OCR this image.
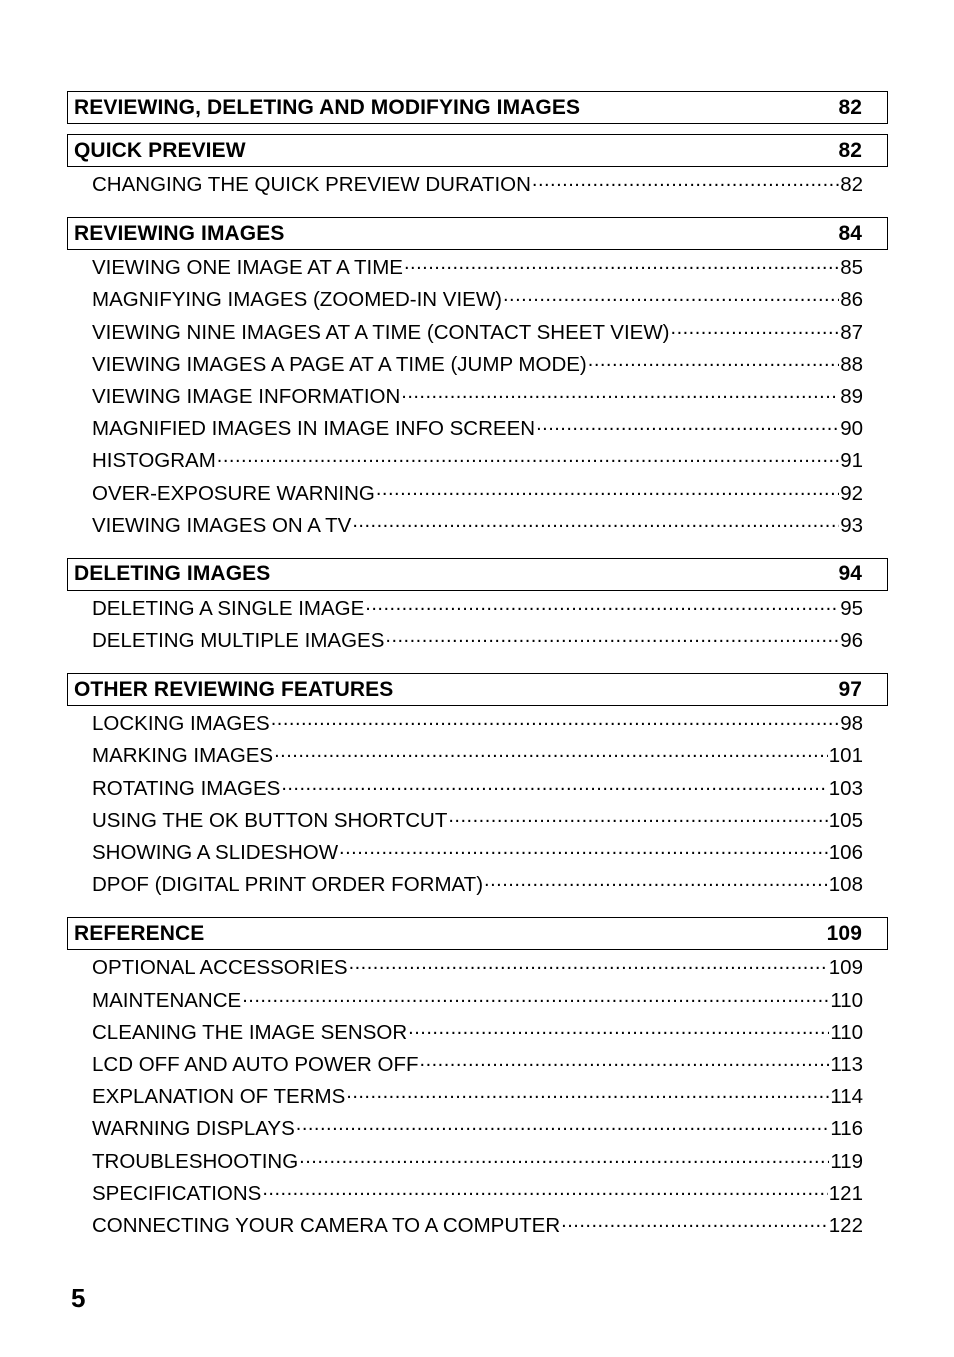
REVIEWING, DELETING AND MODIFYING IMAGES	82
QUICK PREVIEW	82
CHANGING THE QUICK PREVIEW DURATION .....	82
REVIEWING IMAGES	84
VIEWING ONE IMAGE AT A TIME .....	85
MAGNIFYING IMAGES (ZOOMED-IN VIEW) .....	86
VIEWING NINE IMAGES AT A TIME (CONTACT SHEET VIEW) .....	87
VIEWING IMAGES A PAGE AT A TIME (JUMP MODE) .....	88
VIEWING IMAGE INFORMATION .....	89
MAGNIFIED IMAGES IN IMAGE INFO SCREEN .....	90
HISTOGRAM .....	91
OVER-EXPOSURE WARNING .....	92
VIEWING IMAGES ON A TV .....	93
DELETING IMAGES	94
DELETING A SINGLE IMAGE .....	95
DELETING MULTIPLE IMAGES .....	96
OTHER REVIEWING FEATURES	97
LOCKING IMAGES .....	98
MARKING IMAGES .....	101
ROTATING IMAGES .....	103
USING THE OK BUTTON SHORTCUT .....	105
SHOWING A SLIDESHOW .....	106
DPOF (DIGITAL PRINT ORDER FORMAT) .....	108
REFERENCE	109
OPTIONAL ACCESSORIES .....	109
MAINTENANCE .....	110
CLEANING THE IMAGE SENSOR .....	110
LCD OFF AND AUTO POWER OFF .....	113
EXPLANATION OF TERMS .....	114
WARNING DISPLAYS .....	116
TROUBLESHOOTING .....	119
SPECIFICATIONS .....	121
CONNECTING YOUR CAMERA TO A COMPUTER .....	122
5
